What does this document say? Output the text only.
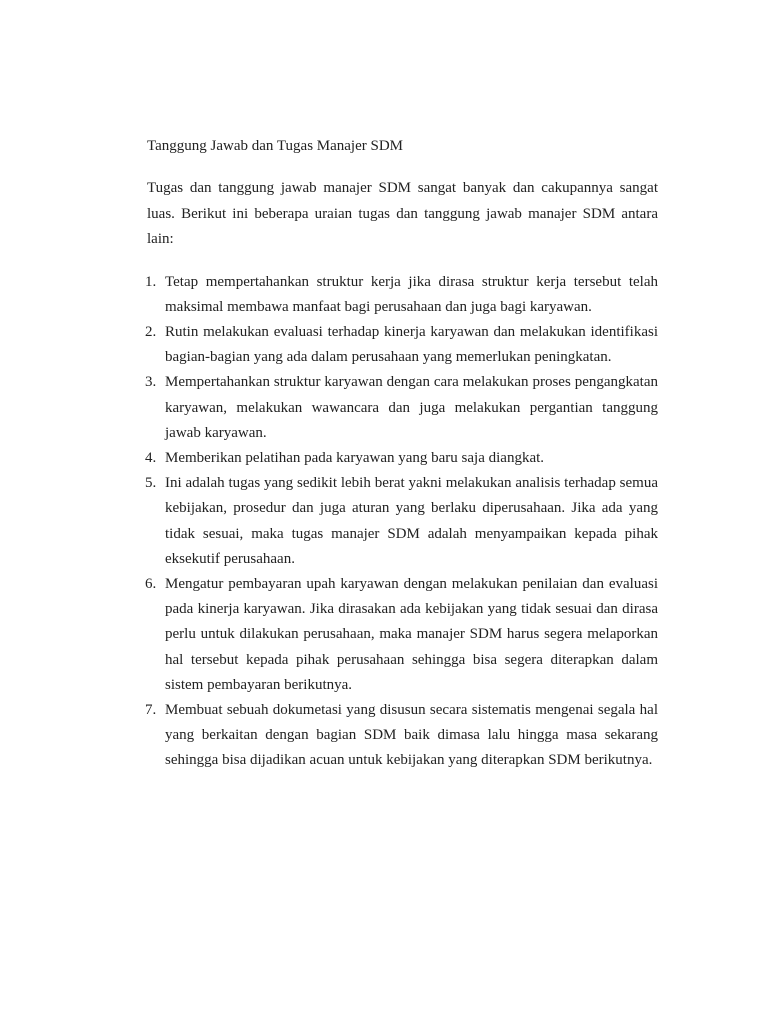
Tanggung Jawab dan Tugas Manajer SDM

Tugas dan tanggung jawab manajer SDM sangat banyak dan cakupannya sangat luas. Berikut ini beberapa uraian tugas dan tanggung jawab manajer SDM antara lain:

1. Tetap mempertahankan struktur kerja jika dirasa struktur kerja tersebut telah maksimal membawa manfaat bagi perusahaan dan juga bagi karyawan.
2. Rutin melakukan evaluasi terhadap kinerja karyawan dan melakukan identifikasi bagian-bagian yang ada dalam perusahaan yang memerlukan peningkatan.
3. Mempertahankan struktur karyawan dengan cara melakukan proses pengangkatan karyawan, melakukan wawancara dan juga melakukan pergantian tanggung jawab karyawan.
4. Memberikan pelatihan pada karyawan yang baru saja diangkat.
5. Ini adalah tugas yang sedikit lebih berat yakni melakukan analisis terhadap semua kebijakan, prosedur dan juga aturan yang berlaku diperusahaan. Jika ada yang tidak sesuai, maka tugas manajer SDM adalah menyampaikan kepada pihak eksekutif perusahaan.
6. Mengatur pembayaran upah karyawan dengan melakukan penilaian dan evaluasi pada kinerja karyawan. Jika dirasakan ada kebijakan yang tidak sesuai dan dirasa perlu untuk dilakukan perusahaan, maka manajer SDM harus segera melaporkan hal tersebut kepada pihak perusahaan sehingga bisa segera diterapkan dalam sistem pembayaran berikutnya.
7. Membuat sebuah dokumetasi yang disusun secara sistematis mengenai segala hal yang berkaitan dengan bagian SDM baik dimasa lalu hingga masa sekarang sehingga bisa dijadikan acuan untuk kebijakan yang diterapkan SDM berikutnya.
